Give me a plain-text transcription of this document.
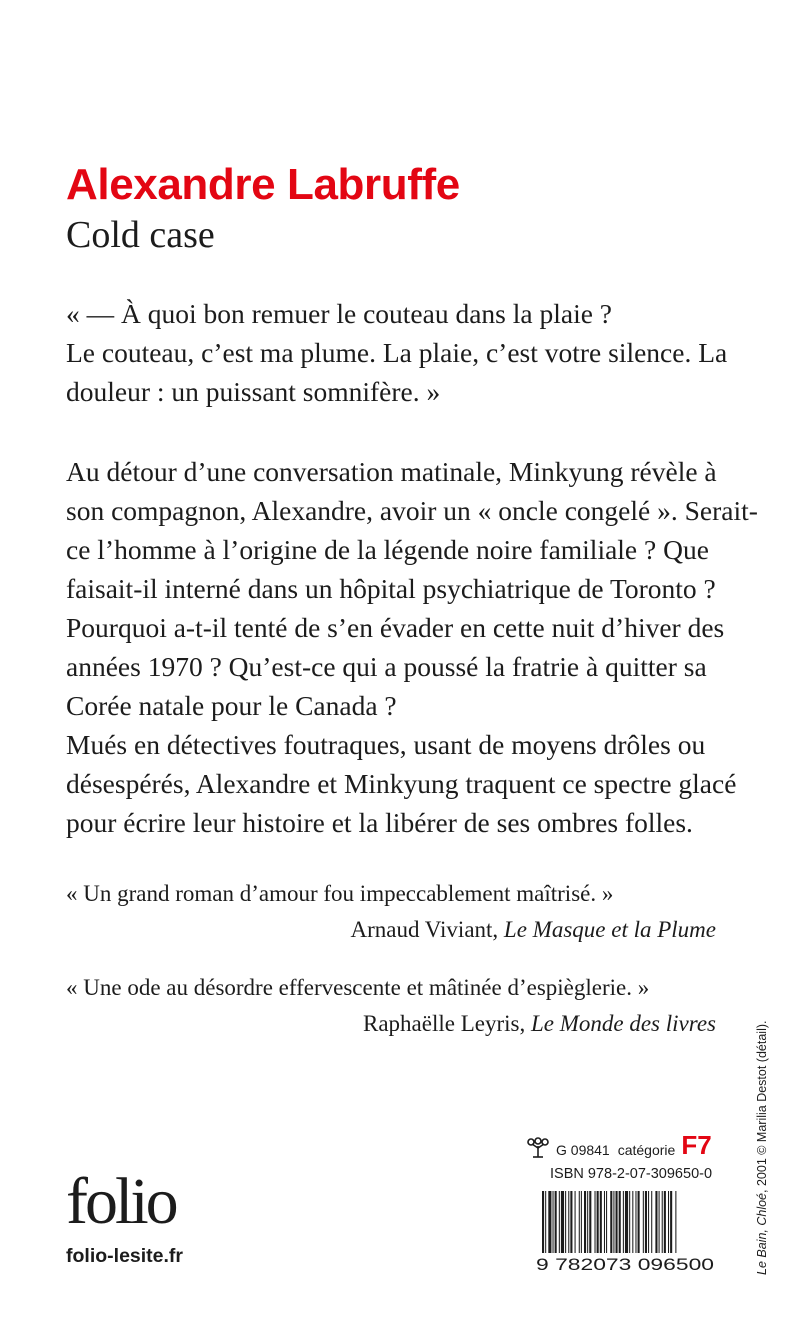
Alexandre Labruffe
Cold case
« — À quoi bon remuer le couteau dans la plaie ?
Le couteau, c’est ma plume. La plaie, c’est votre silence. La
douleur : un puissant somnifère. »
Au détour d’une conversation matinale, Minkyung révèle à
son compagnon, Alexandre, avoir un « oncle congelé ». Serait-
ce l’homme à l’origine de la légende noire familiale ? Que
faisait-il interné dans un hôpital psychiatrique de Toronto ?
Pourquoi a-t-il tenté de s’en évader en cette nuit d’hiver des
années 1970 ? Qu’est-ce qui a poussé la fratrie à quitter sa
Corée natale pour le Canada ?
Mués en détectives foutraques, usant de moyens drôles ou
désespérés, Alexandre et Minkyung traquent ce spectre glacé
pour écrire leur histoire et la libérer de ses ombres folles.
« Un grand roman d’amour fou impeccablement maîtrisé. »
Arnaud Viviant, Le Masque et la Plume
« Une ode au désordre effervescente et mâtinée d’espièglerie. »
Raphaëlle Leyris, Le Monde des livres
Le Bain, Chloé, 2001 © Marilia Destot (détail).
G 09841 catégorie F7
ISBN 978-2-07-309650-0
9 782073 096500
folio
folio-lesite.fr
